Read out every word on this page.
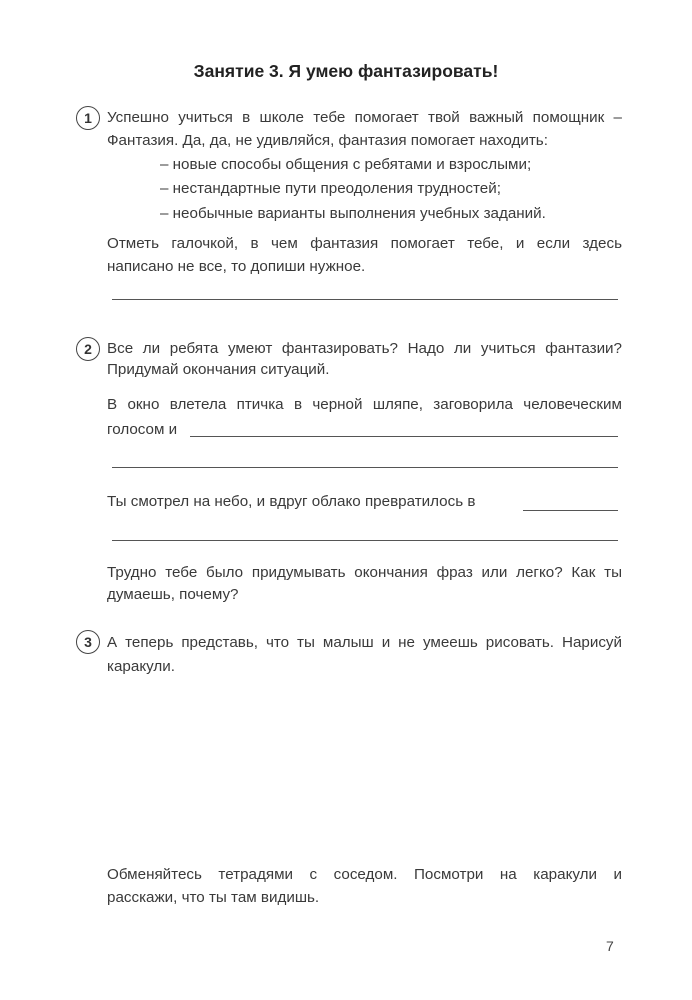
Занятие 3. Я умею фантазировать!
1 Успешно учиться в школе тебе помогает твой важный помощник –
Фантазия. Да, да, не удивляйся, фантазия помогает находить:
– новые способы общения с ребятами и взрослыми;
– нестандартные пути преодоления трудностей;
– необычные варианты выполнения учебных заданий.
Отметь галочкой, в чем фантазия помогает тебе, и если здесь
написано не все, то допиши нужное.
2 Все ли ребята умеют фантазировать? Надо ли учиться фантазии?
Придумай окончания ситуаций.
В окно влетела птичка в черной шляпе, заговорила человеческим
голосом и
Ты смотрел на небо, и вдруг облако превратилось в
Трудно тебе было придумывать окончания фраз или легко? Как ты
думаешь, почему?
3 А теперь представь, что ты малыш и не умеешь рисовать. Нарисуй
каракули.
Обменяйтесь тетрадями с соседом. Посмотри на каракули и
расскажи, что ты там видишь.
7
